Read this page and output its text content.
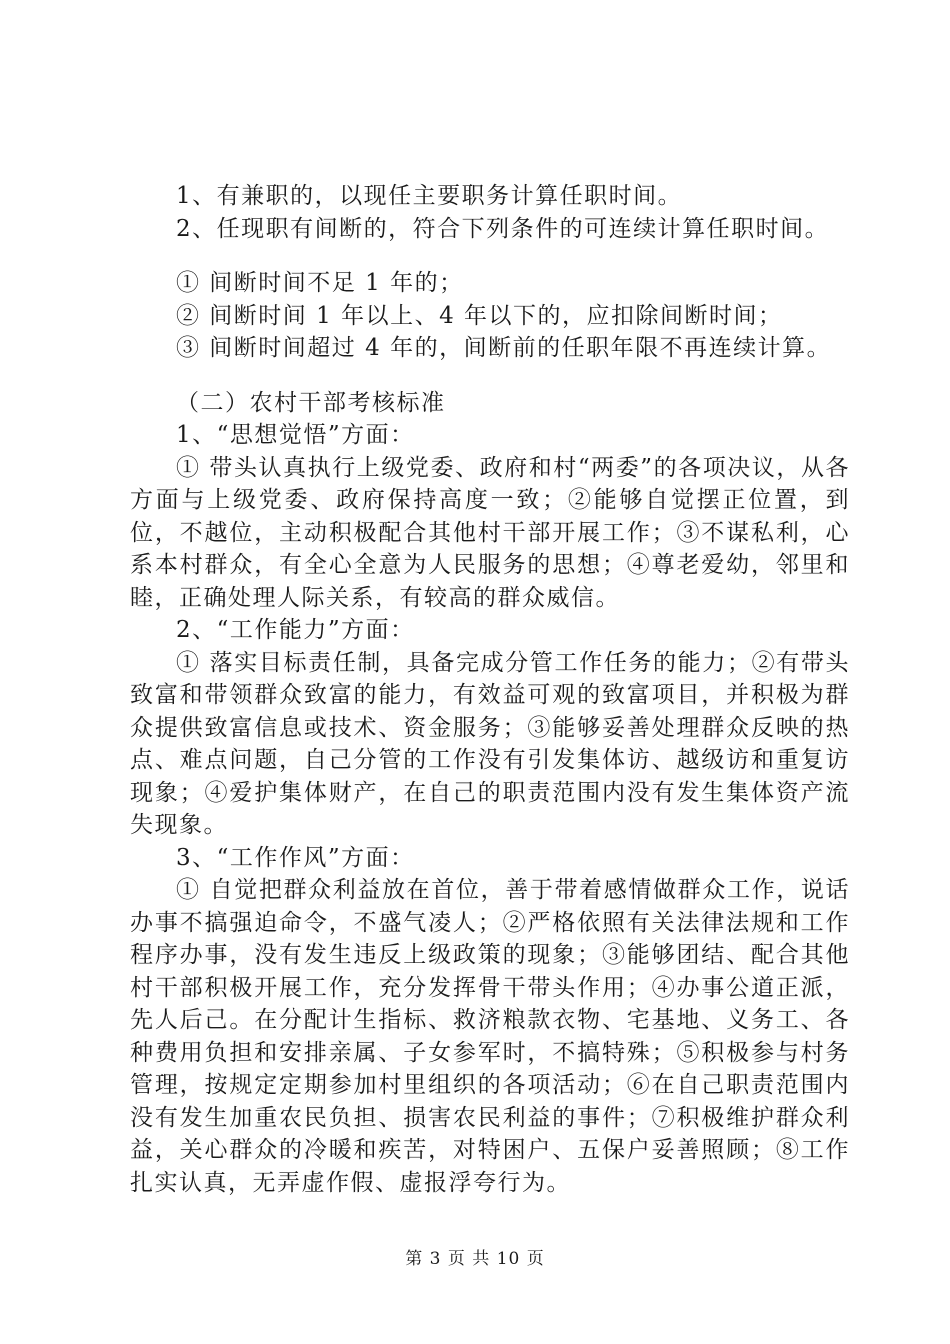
1、有兼职的，以现任主要职务计算任职时间。

2、任现职有间断的，符合下列条件的可连续计算任职时间。

① 间断时间不足 1 年的；

② 间断时间 1 年以上、4 年以下的，应扣除间断时间；

③ 间断时间超过 4 年的，间断前的任职年限不再连续计算。

（二）农村干部考核标准

1、“思想觉悟”方面：

① 带头认真执行上级党委、政府和村“两委”的各项决议，从各方面与上级党委、政府保持高度一致；②能够自觉摆正位置，到位，不越位，主动积极配合其他村干部开展工作；③不谋私利，心系本村群众，有全心全意为人民服务的思想；④尊老爱幼，邻里和睦，正确处理人际关系，有较高的群众威信。

2、“工作能力”方面：

① 落实目标责任制，具备完成分管工作任务的能力；②有带头致富和带领群众致富的能力，有效益可观的致富项目，并积极为群众提供致富信息或技术、资金服务；③能够妥善处理群众反映的热点、难点问题，自己分管的工作没有引发集体访、越级访和重复访现象；④爱护集体财产，在自己的职责范围内没有发生集体资产流失现象。

3、“工作作风”方面：

① 自觉把群众利益放在首位，善于带着感情做群众工作，说话办事不搞强迫命令，不盛气凌人；②严格依照有关法律法规和工作程序办事，没有发生违反上级政策的现象；③能够团结、配合其他村干部积极开展工作，充分发挥骨干带头作用；④办事公道正派，先人后己。在分配计生指标、救济粮款衣物、宅基地、义务工、各种费用负担和安排亲属、子女参军时，不搞特殊；⑤积极参与村务管理，按规定定期参加村里组织的各项活动；⑥在自己职责范围内没有发生加重农民负担、损害农民利益的事件；⑦积极维护群众利益，关心群众的冷暖和疾苦，对特困户、五保户妥善照顾；⑧工作扎实认真，无弄虚作假、虚报浮夸行为。

第 3 页 共 10 页
